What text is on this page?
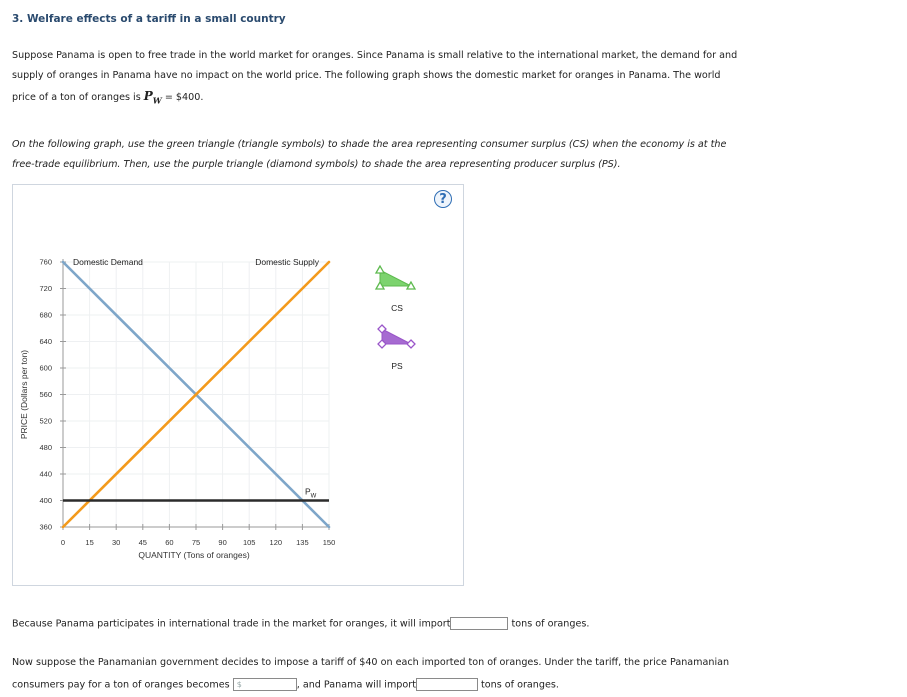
3. Welfare effects of a tariff in a small country
Suppose Panama is open to free trade in the world market for oranges. Since Panama is small relative to the international market, the demand for and
supply of oranges in Panama have no impact on the world price. The following graph shows the domestic market for oranges in Panama. The world
price of a ton of oranges is $P_W$ = $400.
On the following graph, use the green triangle (triangle symbols) to shade the area representing consumer surplus (CS) when the economy is at the
free-trade equilibrium. Then, use the purple triangle (diamond symbols) to shade the area representing producer surplus (PS).
?
0	15 30 45 60 75 90 105 120 135 150
360
400
440
480
520
560
600
640
680
720
760
QUANTITY (Tons of oranges)
PRICE (Dollars per ton)
Domestic Demand	Domestic Supply
$P_W$
CS
PS
Because Panama participates in international trade in the market for oranges, it will import	tons of oranges.
Now suppose the Panamanian government decides to impose a tariff of $40 on each imported ton of oranges. Under the tariff, the price Panamanian
consumers pay for a ton of oranges becomes $	, and Panama will import	tons of oranges.
